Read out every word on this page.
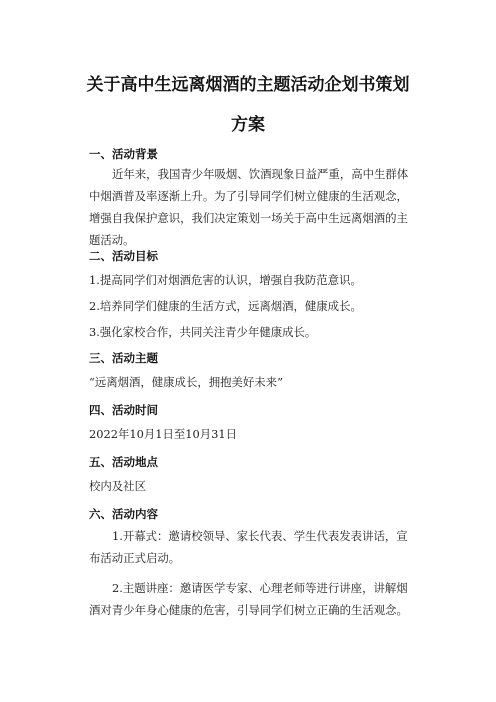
关于高中生远离烟酒的主题活动企划书策划
方案
一、活动背景
近年来，我国青少年吸烟、饮酒现象日益严重，高中生群体中烟酒普及率逐渐上升。为了引导同学们树立健康的生活观念，增强自我保护意识，我们决定策划一场关于高中生远离烟酒的主题活动。
二、活动目标
1.提高同学们对烟酒危害的认识，增强自我防范意识。
2.培养同学们健康的生活方式，远离烟酒，健康成长。
3.强化家校合作，共同关注青少年健康成长。
三、活动主题
“远离烟酒，健康成长，拥抱美好未来”
四、活动时间
2022年10月1日至10月31日
五、活动地点
校内及社区
六、活动内容
1.开幕式：邀请校领导、家长代表、学生代表发表讲话，宣布活动正式启动。
2.主题讲座：邀请医学专家、心理老师等进行讲座，讲解烟酒对青少年身心健康的危害，引导同学们树立正确的生活观念。
